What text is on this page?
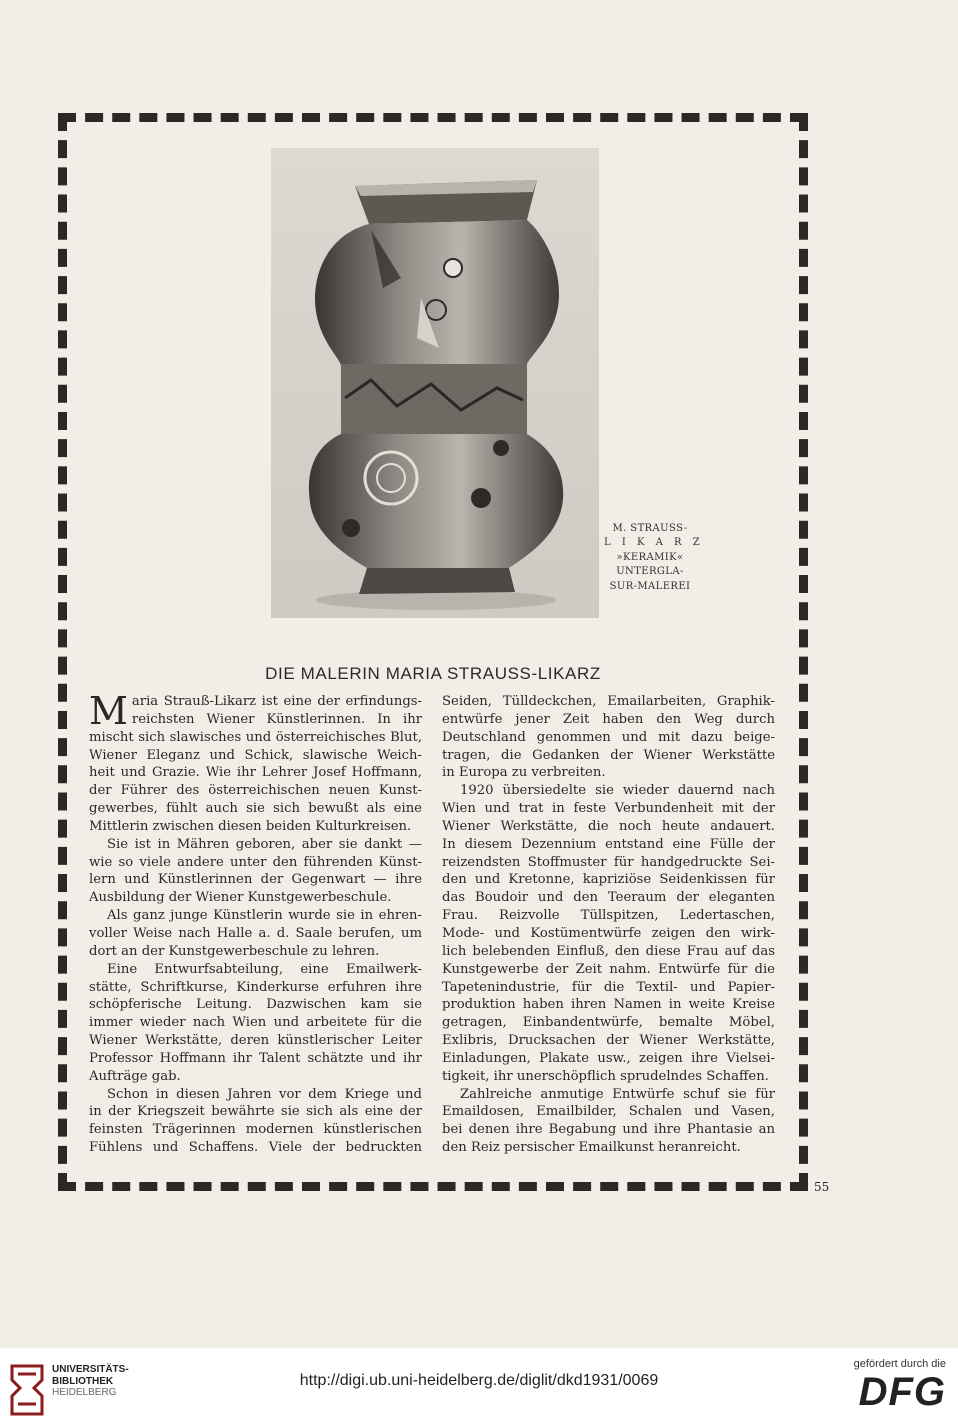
M. STRAUSS-
L I K A R Z
»KERAMIK«
UNTERGLA-
SUR-MALEREI
DIE MALERIN MARIA STRAUSS-LIKARZ
M aria Strauß-Likarz ist eine der erfindungs-
reichsten Wiener Künstlerinnen. In ihr
mischt sich slawisches und österreichisches Blut,
Wiener Eleganz und Schick, slawische Weich-
heit und Grazie. Wie ihr Lehrer Josef Hoffmann,
der Führer des österreichischen neuen Kunst-
gewerbes, fühlt auch sie sich bewußt als eine
Mittlerin zwischen diesen beiden Kulturkreisen.
Sie ist in Mähren geboren, aber sie dankt —
wie so viele andere unter den führenden Künst-
lern und Künstlerinnen der Gegenwart — ihre
Ausbildung der Wiener Kunstgewerbeschule.
Als ganz junge Künstlerin wurde sie in ehren-
voller Weise nach Halle a. d. Saale berufen, um
dort an der Kunstgewerbeschule zu lehren.
Eine Entwurfsabteilung, eine Emailwerk-
stätte, Schriftkurse, Kinderkurse erfuhren ihre
schöpferische Leitung. Dazwischen kam sie
immer wieder nach Wien und arbeitete für die
Wiener Werkstätte, deren künstlerischer Leiter
Professor Hoffmann ihr Talent schätzte und ihr
Aufträge gab.
Schon in diesen Jahren vor dem Kriege und
in der Kriegszeit bewährte sie sich als eine der
feinsten Trägerinnen modernen künstlerischen
Fühlens und Schaffens. Viele der bedruckten
Seiden, Tülldeckchen, Emailarbeiten, Graphik-
entwürfe jener Zeit haben den Weg durch
Deutschland genommen und mit dazu beige-
tragen, die Gedanken der Wiener Werkstätte
in Europa zu verbreiten.
1920 übersiedelte sie wieder dauernd nach
Wien und trat in feste Verbundenheit mit der
Wiener Werkstätte, die noch heute andauert.
In diesem Dezennium entstand eine Fülle der
reizendsten Stoffmuster für handgedruckte Sei-
den und Kretonne, kapriziöse Seidenkissen für
das Boudoir und den Teeraum der eleganten
Frau. Reizvolle Tüllspitzen, Ledertaschen,
Mode- und Kostümentwürfe zeigen den wirk-
lich belebenden Einfluß, den diese Frau auf das
Kunstgewerbe der Zeit nahm. Entwürfe für die
Tapetenindustrie, für die Textil- und Papier-
produktion haben ihren Namen in weite Kreise
getragen, Einbandentwürfe, bemalte Möbel,
Exlibris, Drucksachen der Wiener Werkstätte,
Einladungen, Plakate usw., zeigen ihre Vielsei-
tigkeit, ihr unerschöpflich sprudelndes Schaffen.
Zahlreiche anmutige Entwürfe schuf sie für
Emaildosen, Emailbilder, Schalen und Vasen,
bei denen ihre Begabung und ihre Phantasie an
den Reiz persischer Emailkunst heranreicht.
55
UNIVERSITÄTS-
BIBLIOTHEK
HEIDELBERG
http://digi.ub.uni-heidelberg.de/diglit/dkd1931/0069
gefördert durch die
DFG
